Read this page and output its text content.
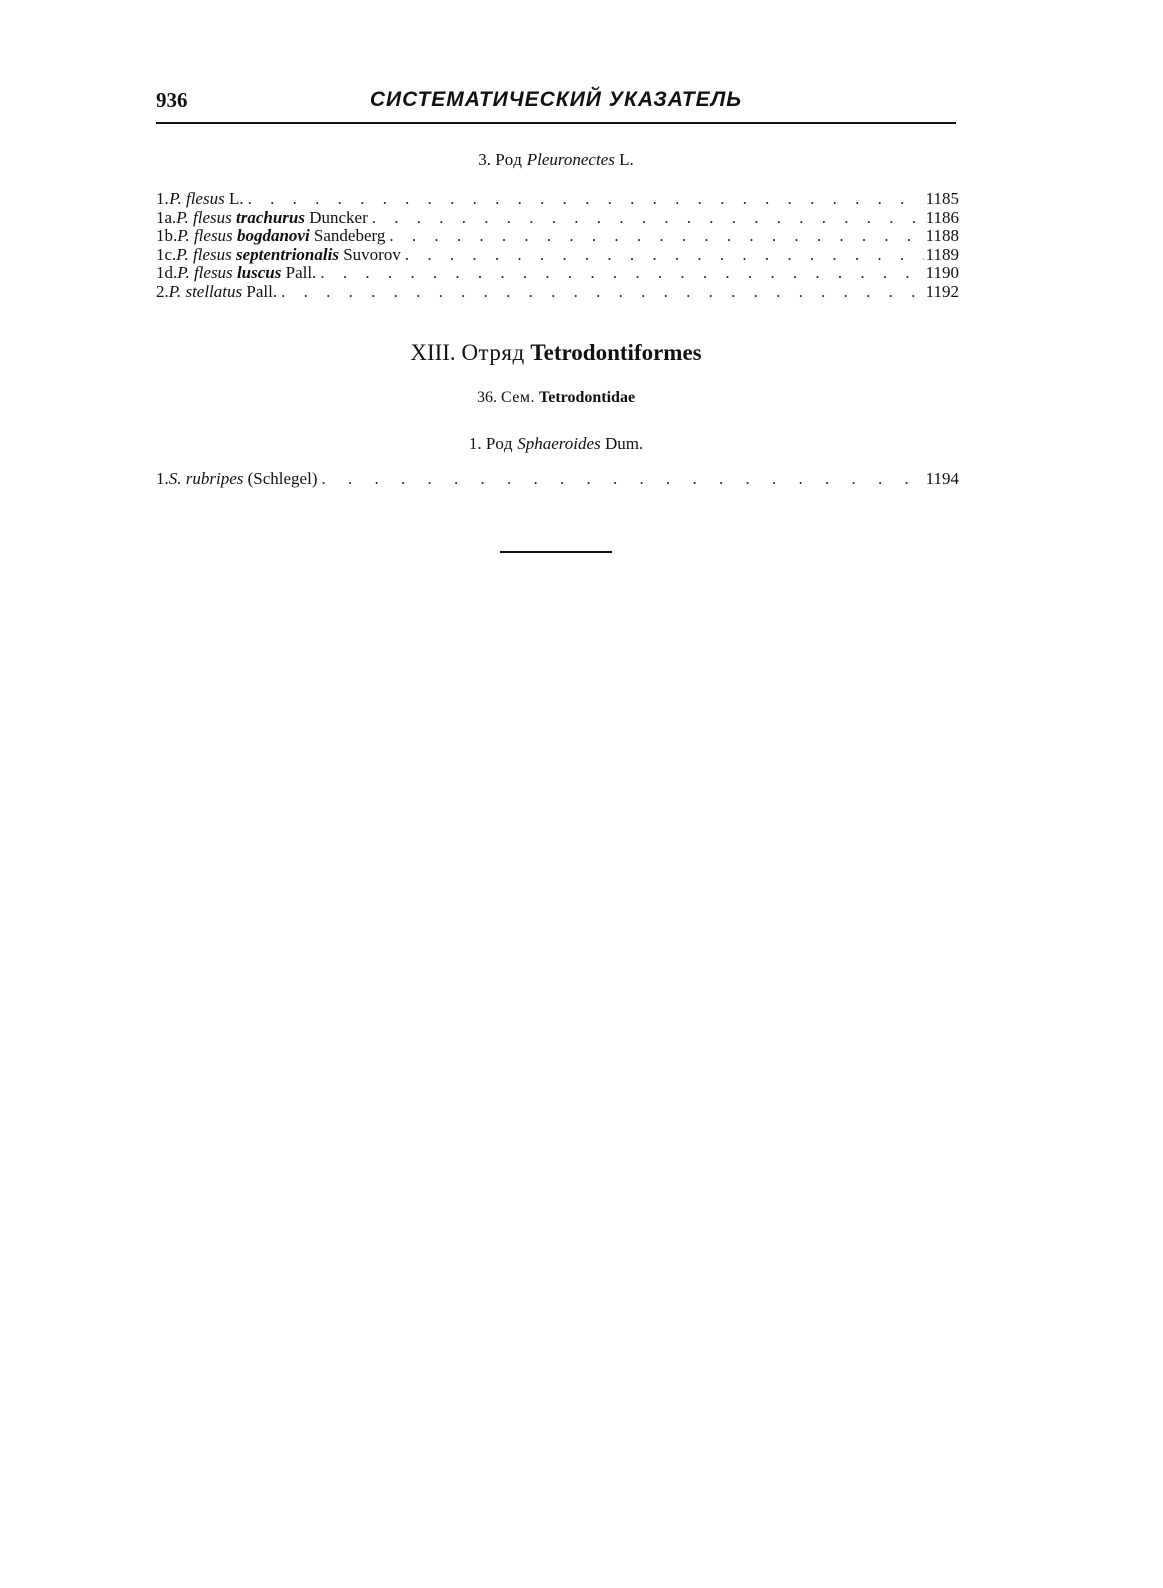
936	СИСТЕМАТИЧЕСКИЙ УКАЗАТЕЛЬ
3. Род Pleuronectes L.
1. P. flesus L. . . .	1185
1a. P. flesus trachurus Duncker . . .	1186
1b. P. flesus bogdanovi Sandeberg . . .	1188
1c. P. flesus septentrionalis Suvorov . . .	1189
1d. P. flesus luscus Pall. . . .	1190
2. P. stellatus Pall. . . .	1192
XIII. Отряд Tetrodontiformes
36. Сем. Tetrodontidae
1. Род Sphaeroides Dum.
1. S. rubripes (Schlegel) . . .	1194
